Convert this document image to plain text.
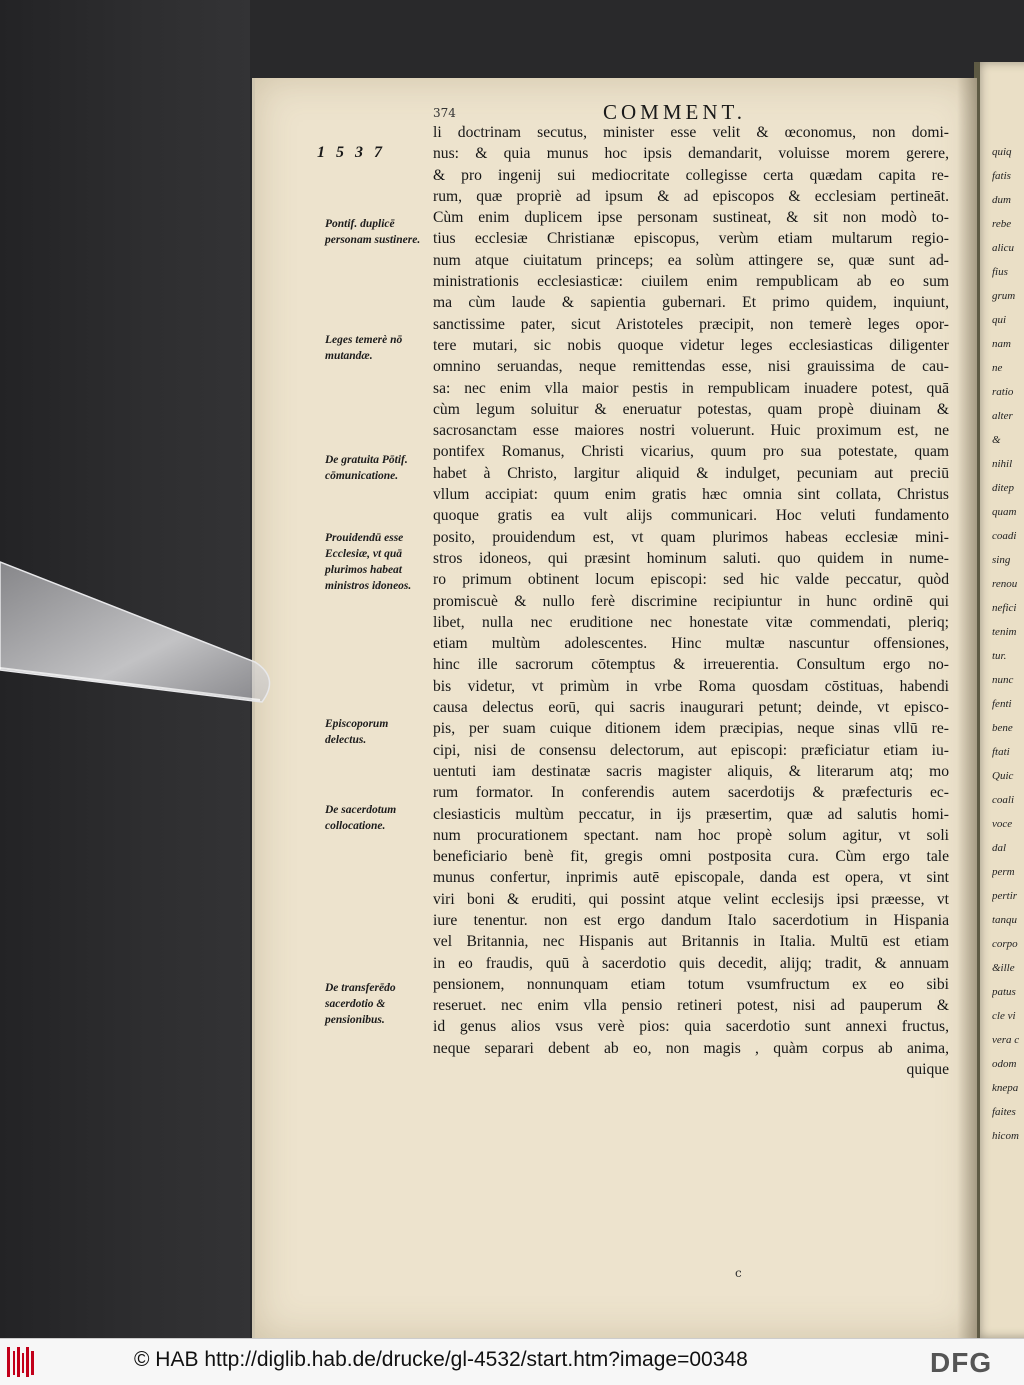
quiq
fatis
dum
rebe
alicu
fius
grum
qui
nam
ne
ratio
alter
&
nihil
ditep
quam
coadi
sing
renou
nefici
tenim
tur.
nunc
fenti
bene
ftati
Quic
coali
voce
dal
perm
pertir
tanqu
corpo
&ille
patus
cle vi
vera c
odom
knepa
faites
hicom
374	COMMENT.
1537
Pontif. duplicē personam sustinere.
Leges temerè nō mutandæ.
De gratuita Pōtif. cōmunicatione.
Prouidendū esse Ecclesiæ, vt quā plurimos habeat ministros idoneos.
Episcoporum delectus.
De sacerdotum collocatione.
De transferēdo sacerdotio & pensionibus.
li doctrinam secutus, minister esse velit & œconomus, non domi-
nus: & quia munus hoc ipsis demandarit, voluisse morem gerere,
& pro ingenij sui mediocritate collegisse certa quædam capita re-
rum, quæ propriè ad ipsum & ad episcopos & ecclesiam pertineāt.
Cùm enim duplicem ipse personam sustineat, & sit non modò to-
tius ecclesiæ Christianæ episcopus, verùm etiam multarum regio-
num atque ciuitatum princeps; ea solùm attingere se, quæ sunt ad-
ministrationis ecclesiasticæ: ciuilem enim rempublicam ab eo sum
ma cùm laude & sapientia gubernari. Et primo quidem, inquiunt,
sanctissime pater, sicut Aristoteles præcipit, non temerè leges opor-
tere mutari, sic nobis quoque videtur leges ecclesiasticas diligenter
omnino seruandas, neque remittendas esse, nisi grauissima de cau-
sa: nec enim vlla maior pestis in rempublicam inuadere potest, quā
cùm legum soluitur & eneruatur potestas, quam propè diuinam &
sacrosanctam esse maiores nostri voluerunt. Huic proximum est, ne
pontifex Romanus, Christi vicarius, quum pro sua potestate, quam
habet à Christo, largitur aliquid & indulget, pecuniam aut preciū
vllum accipiat: quum enim gratis hæc omnia sint collata, Christus
quoque gratis ea vult alijs communicari. Hoc veluti fundamento
posito, prouidendum est, vt quam plurimos habeas ecclesiæ mini-
stros idoneos, qui præsint hominum saluti. quo quidem in nume-
ro primum obtinent locum episcopi: sed hic valde peccatur, quòd
promiscuè & nullo ferè discrimine recipiuntur in hunc ordinē qui
libet, nulla nec eruditione nec honestate vitæ commendati, pleriq;
etiam multùm adolescentes. Hinc multæ nascuntur offensiones,
hinc ille sacrorum cōtemptus & irreuerentia. Consultum ergo no-
bis videtur, vt primùm in vrbe Roma quosdam cōstituas, habendi
causa delectus eorū, qui sacris inaugurari petunt; deinde, vt episco-
pis, per suam cuique ditionem idem præcipias, neque sinas vllū re-
cipi, nisi de consensu delectorum, aut episcopi: præficiatur etiam iu-
uentuti iam destinatæ sacris magister aliquis, & literarum atq; mo
rum formator. In conferendis autem sacerdotijs & præfecturis ec-
clesiasticis multùm peccatur, in ijs præsertim, quæ ad salutis homi-
num procurationem spectant. nam hoc propè solum agitur, vt soli
beneficiario benè fit, gregis omni postposita cura. Cùm ergo tale
munus confertur, inprimis autē episcopale, danda est opera, vt sint
viri boni & eruditi, qui possint atque velint ecclesijs ipsi præesse, vt
iure tenentur. non est ergo dandum Italo sacerdotium in Hispania
vel Britannia, nec Hispanis aut Britannis in Italia. Multū est etiam
in eo fraudis, quū à sacerdotio quis decedit, alijq; tradit, & annuam
pensionem, nonnunquam etiam totum vsumfructum ex eo sibi
reseruet. nec enim vlla pensio retineri potest, nisi ad pauperum &
id genus alios vsus verè pios: quia sacerdotio sunt annexi fructus,
neque separari debent ab eo, non magis , quàm corpus ab anima,
quique
c
© HAB http://diglib.hab.de/drucke/gl-4532/start.htm?image=00348	DFG
